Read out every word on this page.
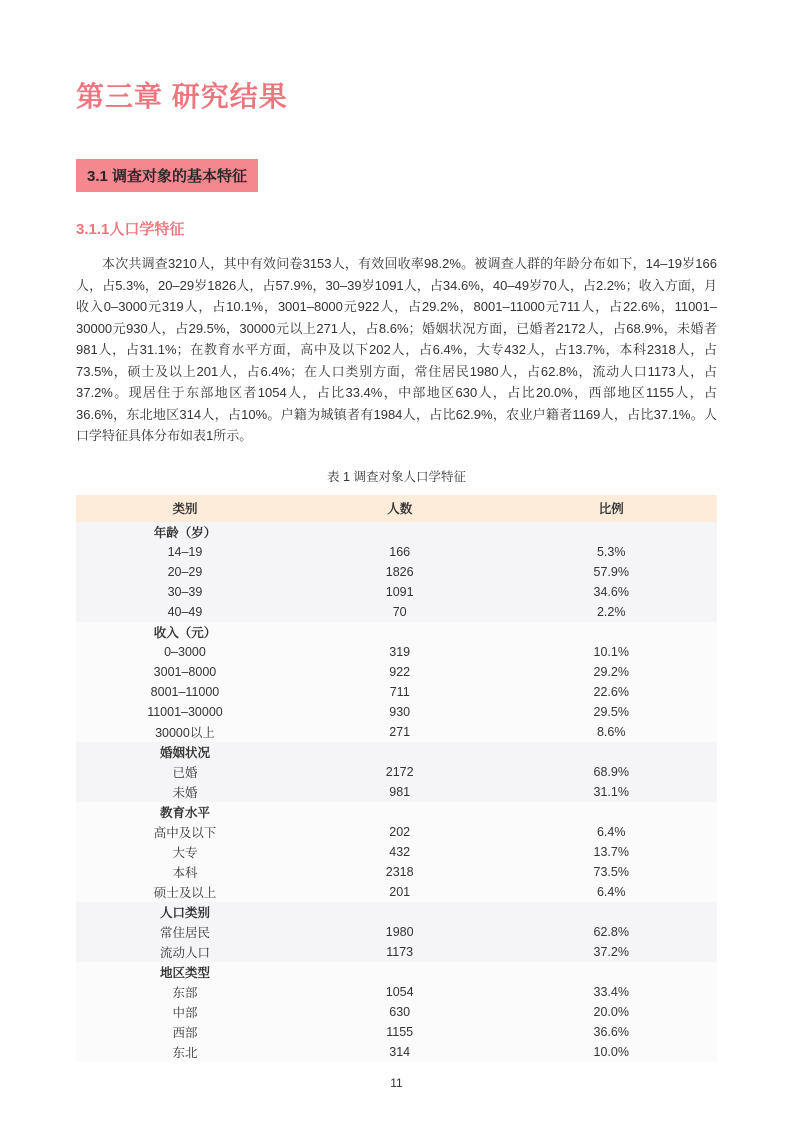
第三章 研究结果
3.1 调查对象的基本特征
3.1.1人口学特征

本次共调查3210人，其中有效问卷3153人，有效回收率98.2%。被调查人群的年龄分布如下，14–19岁166人，占5.3%，20–29岁1826人，占57.9%，30–39岁1091人，占34.6%，40–49岁70人，占2.2%；收入方面，月收入0–3000元319人，占10.1%，3001–8000元922人，占29.2%，8001–11000元711人，占22.6%，11001–30000元930人，占29.5%，30000元以上271人，占8.6%；婚姻状况方面，已婚者2172人，占68.9%，未婚者981人，占31.1%；在教育水平方面，高中及以下202人，占6.4%，大专432人，占13.7%，本科2318人，占73.5%，硕士及以上201人，占6.4%；在人口类别方面，常住居民1980人，占62.8%，流动人口1173人，占37.2%。现居住于东部地区者1054人，占比33.4%，中部地区630人，占比20.0%，西部地区1155人，占36.6%，东北地区314人，占10%。户籍为城镇者有1984人，占比62.9%，农业户籍者1169人，占比37.1%。人口学特征具体分布如表1所示。

表 1 调查对象人口学特征
类别	人数	比例
年龄（岁）		
14–19	166	5.3%
20–29	1826	57.9%
30–39	1091	34.6%
40–49	70	2.2%
收入（元）		
0–3000	319	10.1%
3001–8000	922	29.2%
8001–11000	711	22.6%
11001–30000	930	29.5%
30000以上	271	8.6%
婚姻状况		
已婚	2172	68.9%
未婚	981	31.1%
教育水平		
高中及以下	202	6.4%
大专	432	13.7%
本科	2318	73.5%
硕士及以上	201	6.4%
人口类别		
常住居民	1980	62.8%
流动人口	1173	37.2%
地区类型		
东部	1054	33.4%
中部	630	20.0%
西部	1155	36.6%
东北	314	10.0%
11
